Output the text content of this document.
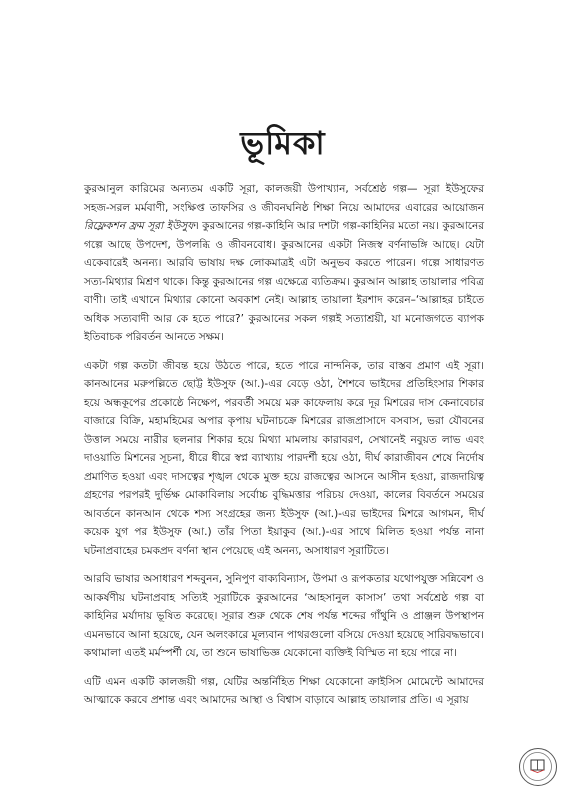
ভূমিকা

কুরআনুল কারিমের অন্যতম একটি সূরা, কালজয়ী উপাখ্যান, সর্বশ্রেষ্ঠ গল্প— সূরা ইউসুফের সহজ-সরল মর্মবাণী, সংক্ষিপ্ত তাফসির ও জীবনঘনিষ্ঠ শিক্ষা নিয়ে আমাদের এবারের আয়োজন রিফ্লেকশন ফ্রম সূরা ইউসুফ। কুরআনের গল্প-কাহিনি আর দশটা গল্প-কাহিনির মতো নয়। কুরআনের গল্পে আছে উপদেশ, উপলব্ধি ও জীবনবোধ। কুরআনের একটা নিজস্ব বর্ণনাভঙ্গি আছে। যেটা একেবারেই অনন্য। আরবি ভাষায় দক্ষ লোকমাত্রই এটা অনুভব করতে পারেন। গল্পে সাধারণত সত্য-মিথ্যার মিশ্রণ থাকে। কিন্তু কুরআনের গল্প এক্ষেত্রে ব্যতিক্রম। কুরআন আল্লাহ তায়ালার পবিত্র বাণী। তাই এখানে মিথ্যার কোনো অবকাশ নেই। আল্লাহ তায়ালা ইরশাদ করেন–‘আল্লাহর চাইতে অধিক সত্যবাদী আর কে হতে পারে?’ কুরআনের সকল গল্পই সত্যাশ্রয়ী, যা মনোজগতে ব্যাপক ইতিবাচক পরিবর্তন আনতে সক্ষম।

একটা গল্প কতটা জীবন্ত হয়ে উঠতে পারে, হতে পারে নান্দনিক, তার বাস্তব প্রমাণ এই সূরা। কানআনের মরুপল্লিতে ছোট্ট ইউসুফ (আ.)-এর বেড়ে ওঠা, শৈশবে ভাইদের প্রতিহিংসার শিকার হয়ে অন্ধকূপের প্রকোষ্ঠে নিক্ষেপ, পরবর্তী সময়ে মরু কাফেলায় করে দূর মিশরের দাস কেনাবেচার বাজারে বিক্রি, মহামহিমের অপার কৃপায় ঘটনাচক্রে মিশরের রাজপ্রাসাদে বসবাস, ভরা যৌবনের উত্তাল সময়ে নারীর ছলনার শিকার হয়ে মিথ্যা মামলায় কারাবরণ, সেখানেই নবুয়ত লাভ এবং দাওয়াতি মিশনের সূচনা, ধীরে ধীরে স্বপ্ন ব্যাখ্যায় পারদর্শী হয়ে ওঠা, দীর্ঘ কারাজীবন শেষে নির্দোষ প্রমাণিত হওয়া এবং দাসত্বের শৃঙ্খল থেকে মুক্ত হয়ে রাজত্বের আসনে আসীন হওয়া, রাজদায়িত্ব গ্রহণের পরপরই দুর্ভিক্ষ মোকাবিলায় সর্বোচ্চ বুদ্ধিমত্তার পরিচয় দেওয়া, কালের বিবর্তনে সময়ের আবর্তনে কানআন থেকে শস্য সংগ্রহের জন্য ইউসুফ (আ.)-এর ভাইদের মিশরে আগমন, দীর্ঘ কয়েক যুগ পর ইউসুফ (আ.) তাঁর পিতা ইয়াকুব (আ.)-এর সাথে মিলিত হওয়া পর্যন্ত নানা ঘটনাপ্রবাহের চমকপ্রদ বর্ণনা স্থান পেয়েছে এই অনন্য, অসাধারণ সূরাটিতে।

আরবি ভাষার অসাধারণ শব্দবুনন, সুনিপুণ বাক্যবিন্যাস, উপমা ও রূপকতার যথোপযুক্ত সন্নিবেশ ও আকর্ষণীয় ঘটনাপ্রবাহ সত্যিই সূরাটিকে কুরআনের ‘আহসানুল কাসাস’ তথা সর্বশ্রেষ্ঠ গল্প বা কাহিনির মর্যাদায় ভূষিত করেছে। সূরার শুরু থেকে শেষ পর্যন্ত শব্দের গাঁথুনি ও প্রাঞ্জল উপস্থাপন এমনভাবে আনা হয়েছে, যেন অলংকারে মূল্যবান পাথরগুলো বসিয়ে দেওয়া হয়েছে সারিবদ্ধভাবে। কথামালা এতই মর্মস্পর্শী যে, তা শুনে ভাষাভিজ্ঞ যেকোনো ব্যক্তিই বিস্মিত না হয়ে পারে না।

এটি এমন একটি কালজয়ী গল্প, যেটির অন্তর্নিহিত শিক্ষা যেকোনো ক্রাইসিস মোমেন্টে আমাদের আত্মাকে করবে প্রশান্ত এবং আমাদের আস্থা ও বিশ্বাস বাড়াবে আল্লাহ তায়ালার প্রতি। এ সূরায়
